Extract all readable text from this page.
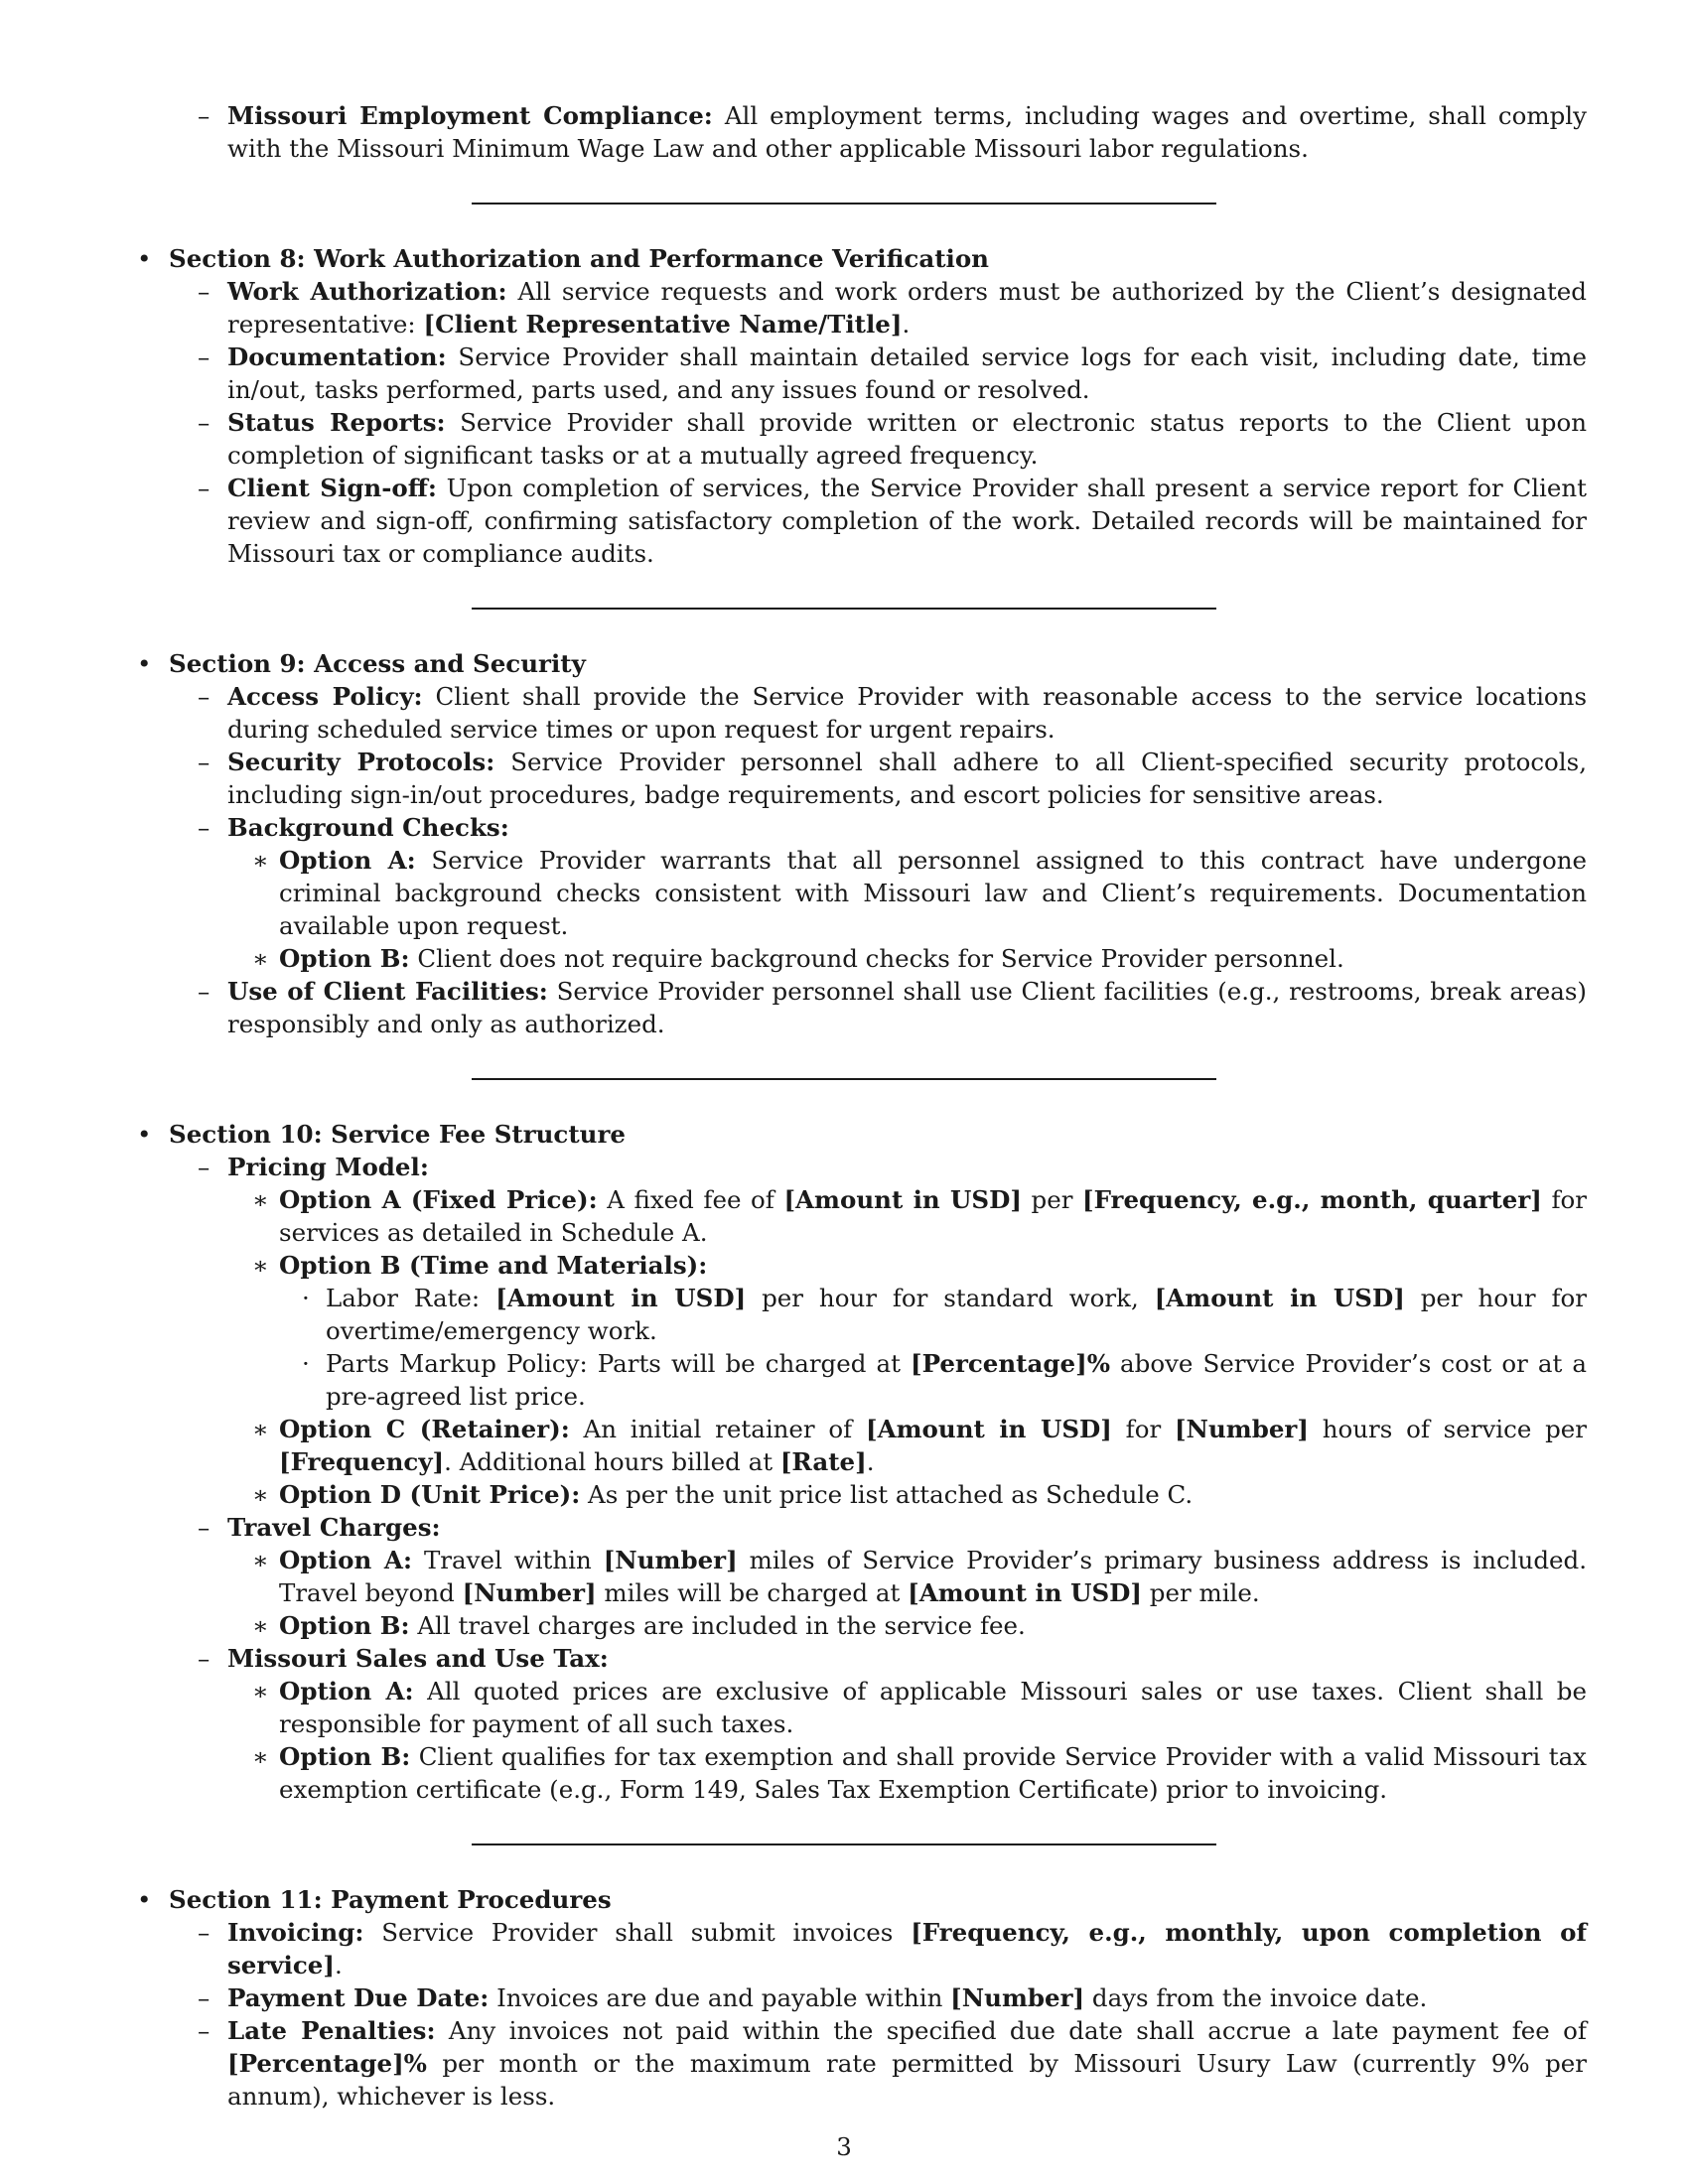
– Missouri Employment Compliance: All employment terms, including wages and overtime, shall comply with the Missouri Minimum Wage Law and other applicable Missouri labor regulations.
• Section 8: Work Authorization and Performance Verification
– Work Authorization: All service requests and work orders must be authorized by the Client’s designated representative: [Client Representative Name/Title].
– Documentation: Service Provider shall maintain detailed service logs for each visit, including date, time in/out, tasks performed, parts used, and any issues found or resolved.
– Status Reports: Service Provider shall provide written or electronic status reports to the Client upon completion of significant tasks or at a mutually agreed frequency.
– Client Sign-off: Upon completion of services, the Service Provider shall present a service report for Client review and sign-off, confirming satisfactory completion of the work. Detailed records will be maintained for Missouri tax or compliance audits.
• Section 9: Access and Security
– Access Policy: Client shall provide the Service Provider with reasonable access to the service locations during scheduled service times or upon request for urgent repairs.
– Security Protocols: Service Provider personnel shall adhere to all Client-specified security protocols, including sign-in/out procedures, badge requirements, and escort policies for sensitive areas.
– Background Checks:
∗ Option A: Service Provider warrants that all personnel assigned to this contract have undergone criminal background checks consistent with Missouri law and Client’s requirements. Documentation available upon request.
∗ Option B: Client does not require background checks for Service Provider personnel.
– Use of Client Facilities: Service Provider personnel shall use Client facilities (e.g., restrooms, break areas) responsibly and only as authorized.
• Section 10: Service Fee Structure
– Pricing Model:
∗ Option A (Fixed Price): A fixed fee of [Amount in USD] per [Frequency, e.g., month, quarter] for services as detailed in Schedule A.
∗ Option B (Time and Materials):
· Labor Rate: [Amount in USD] per hour for standard work, [Amount in USD] per hour for overtime/emergency work.
· Parts Markup Policy: Parts will be charged at [Percentage]% above Service Provider’s cost or at a pre-agreed list price.
∗ Option C (Retainer): An initial retainer of [Amount in USD] for [Number] hours of service per [Frequency]. Additional hours billed at [Rate].
∗ Option D (Unit Price): As per the unit price list attached as Schedule C.
– Travel Charges:
∗ Option A: Travel within [Number] miles of Service Provider’s primary business address is included. Travel beyond [Number] miles will be charged at [Amount in USD] per mile.
∗ Option B: All travel charges are included in the service fee.
– Missouri Sales and Use Tax:
∗ Option A: All quoted prices are exclusive of applicable Missouri sales or use taxes. Client shall be responsible for payment of all such taxes.
∗ Option B: Client qualifies for tax exemption and shall provide Service Provider with a valid Missouri tax exemption certificate (e.g., Form 149, Sales Tax Exemption Certificate) prior to invoicing.
• Section 11: Payment Procedures
– Invoicing: Service Provider shall submit invoices [Frequency, e.g., monthly, upon completion of service].
– Payment Due Date: Invoices are due and payable within [Number] days from the invoice date.
– Late Penalties: Any invoices not paid within the specified due date shall accrue a late payment fee of [Percentage]% per month or the maximum rate permitted by Missouri Usury Law (currently 9% per annum), whichever is less.
3
